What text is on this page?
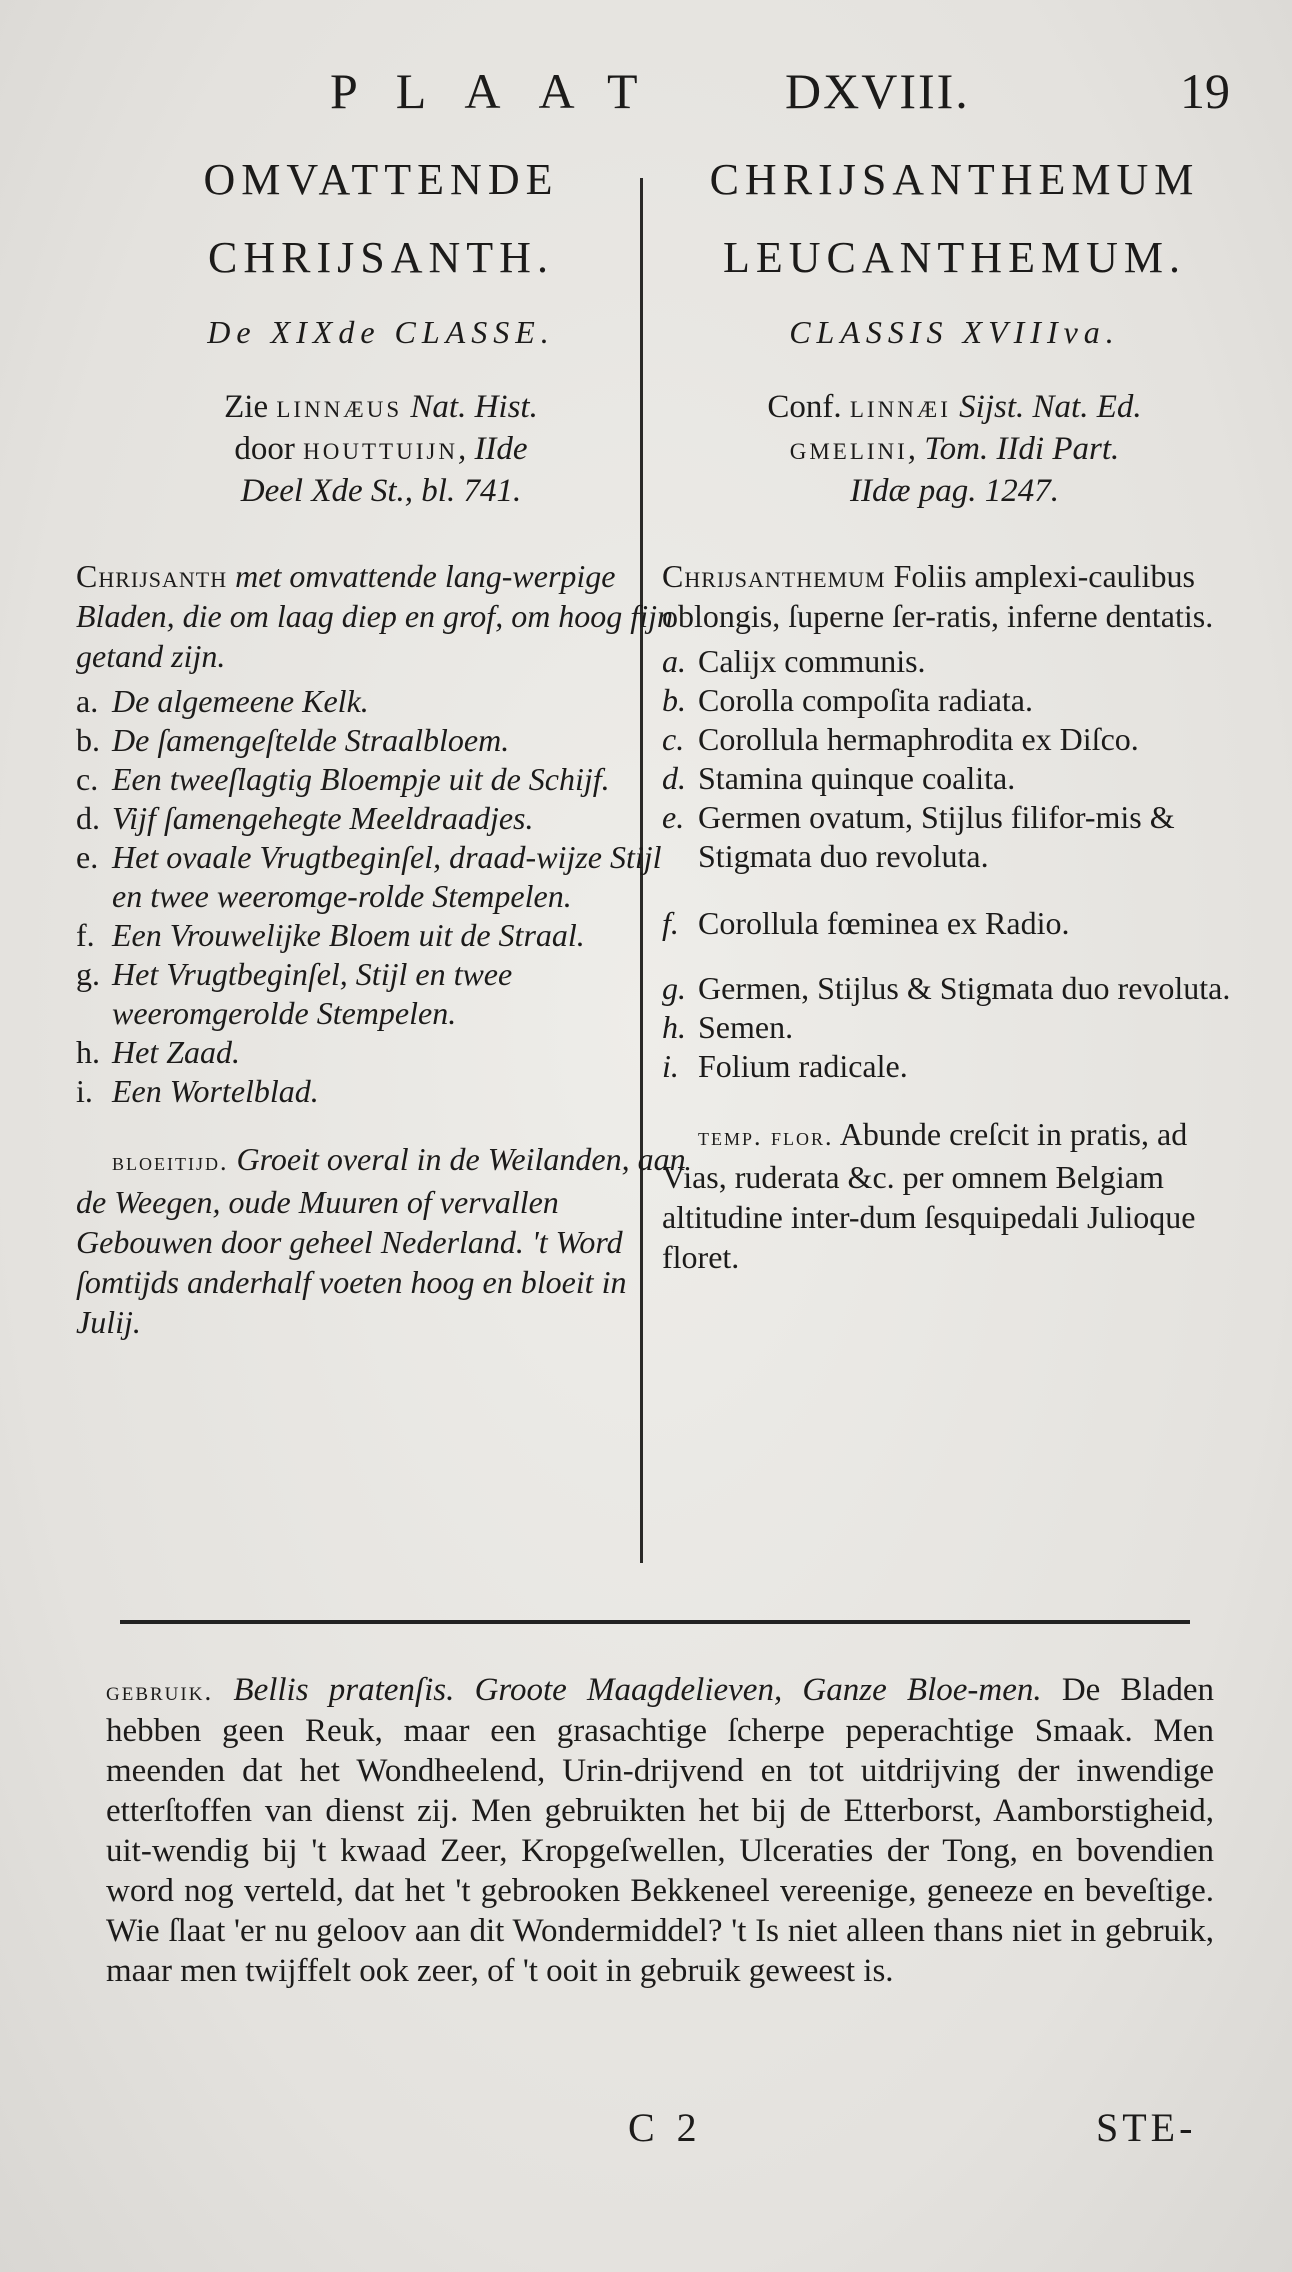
PLAAT DXVIII.	19
OMVATTENDE
CHRIJSANTH.
De XIXde CLASSE.
Zie linnæus Nat. Hist.
door houttuijn, IIde
Deel Xde St., bl. 741.
Chrijsanth met omvattende lang-werpige Bladen, die om laag diep en grof, om hoog fijn getand zijn.
a. De algemeene Kelk.
b. De ſamengeſtelde Straalbloem.
c. Een tweeſlagtig Bloempje uit de Schijf.
d. Vijf ſamengehegte Meeldraadjes.
e. Het ovaale Vrugtbeginſel, draad-wijze Stijl en twee weeromge-rolde Stempelen.
f. Een Vrouwelijke Bloem uit de Straal.
g. Het Vrugtbeginſel, Stijl en twee weeromgerolde Stempelen.
h. Het Zaad.
i. Een Wortelblad.
bloeitijd. Groeit overal in de Weilanden, aan de Weegen, oude Muuren of vervallen Gebouwen door geheel Nederland. 't Word ſomtijds anderhalf voeten hoog en bloeit in Julij.
CHRIJSANTHEMUM
LEUCANTHEMUM.
CLASSIS XVIIIva.
Conf. linnæi Sijst. Nat. Ed.
gmelini, Tom. IIdi Part.
IIdæ pag. 1247.
Chrijsanthemum Foliis amplexi-caulibus oblongis, ſuperne ſer-ratis, inferne dentatis.
a. Calijx communis.
b. Corolla compoſita radiata.
c. Corollula hermaphrodita ex Diſco.
d. Stamina quinque coalita.
e. Germen ovatum, Stijlus filifor-mis & Stigmata duo revoluta.
f. Corollula fœminea ex Radio.
g. Germen, Stijlus & Stigmata duo revoluta.
h. Semen.
i. Folium radicale.
temp. flor. Abunde creſcit in pratis, ad Vias, ruderata &c. per omnem Belgiam altitudine inter-dum ſesquipedali Julioque floret.
gebruik. Bellis pratenſis. Groote Maagdelieven, Ganze Bloe-men. De Bladen hebben geen Reuk, maar een grasachtige ſcherpe peperachtige Smaak. Men meenden dat het Wondheelend, Urin-drijvend en tot uitdrijving der inwendige etterſtoffen van dienst zij. Men gebruikten het bij de Etterborst, Aamborstigheid, uit-wendig bij 't kwaad Zeer, Kropgeſwellen, Ulceraties der Tong, en bovendien word nog verteld, dat het 't gebrooken Bekkeneel vereenige, geneeze en beveſtige. Wie ſlaat 'er nu geloov aan dit Wondermiddel? 't Is niet alleen thans niet in gebruik, maar men twijffelt ook zeer, of 't ooit in gebruik geweest is.
C 2	STE-
